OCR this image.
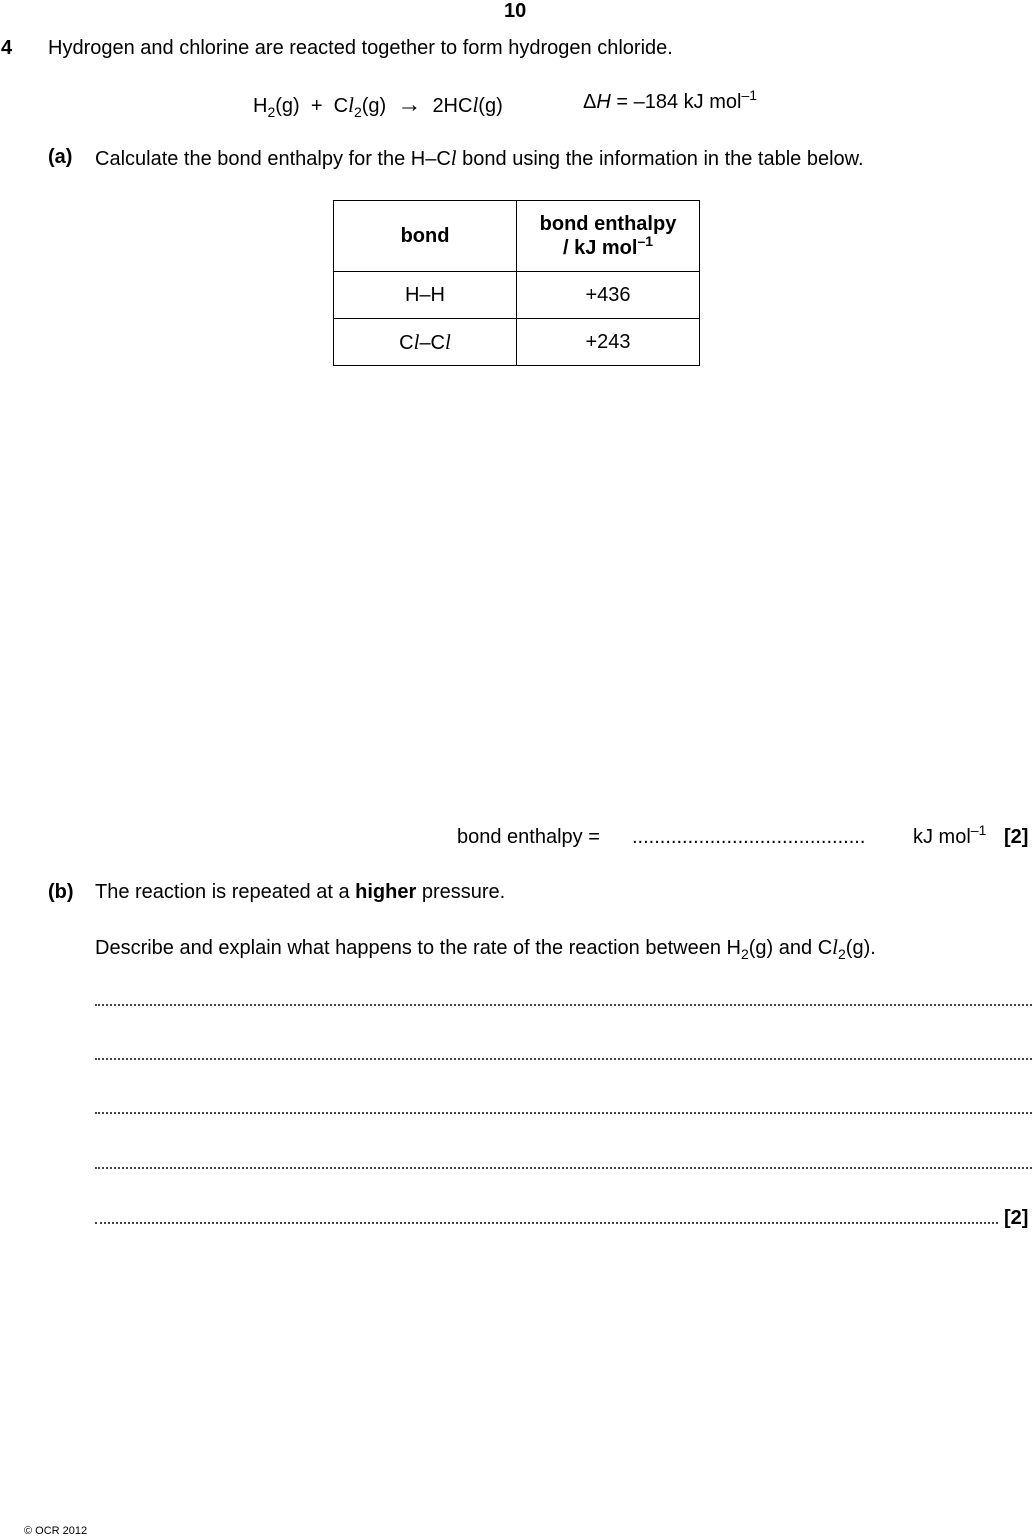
10
4 Hydrogen and chlorine are reacted together to form hydrogen chloride.
$H_2(g) + Cl_2(g) \to 2HCl(g)$	ΔH = –184 kJ mol$^{-1}$
(a) Calculate the bond enthalpy for the H–Cl bond using the information in the table below.
bond	bond enthalpy
/ kJ mol$^{-1}$
H–H	+436
Cl–Cl	+243
bond enthalpy = .......................................... kJ mol$^{-1}$ [2]
(b) The reaction is repeated at a higher pressure.
Describe and explain what happens to the rate of the reaction between $H_2(g)$ and $Cl_2(g)$.
[2]
© OCR 2012
